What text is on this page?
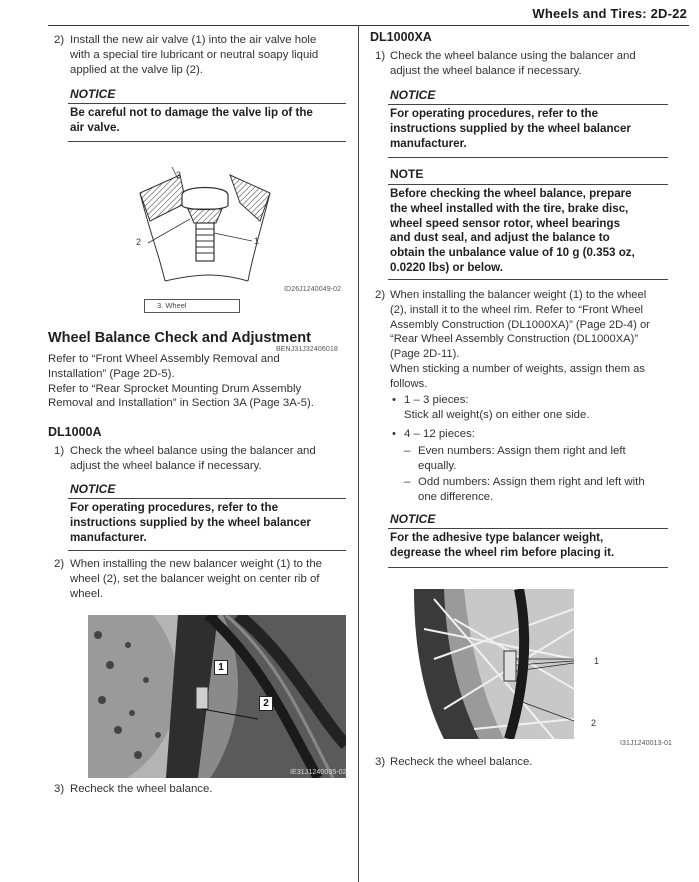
Wheels and Tires: 2D-22
2) Install the new air valve (1) into the air valve hole
with a special tire lubricant or neutral soapy liquid
applied at the valve lip (2).
NOTICE
Be careful not to damage the valve lip of the
air valve.
3
2	1
ID26J1240049-02
3. Wheel
Wheel Balance Check and Adjustment
BENJ31J32406018
Refer to “Front Wheel Assembly Removal and
Installation” (Page 2D-5).
Refer to “Rear Sprocket Mounting Drum Assembly
Removal and Installation” in Section 3A (Page 3A-5).
DL1000A
1) Check the wheel balance using the balancer and
adjust the wheel balance if necessary.
NOTICE
For operating procedures, refer to the
instructions supplied by the wheel balancer
manufacturer.
2) When installing the new balancer weight (1) to the
wheel (2), set the balancer weight on center rib of
wheel.
1
2
IE31J1240035-02
3) Recheck the wheel balance.
DL1000XA
1) Check the wheel balance using the balancer and
adjust the wheel balance if necessary.
NOTICE
For operating procedures, refer to the
instructions supplied by the wheel balancer
manufacturer.
NOTE
Before checking the wheel balance, prepare
the wheel installed with the tire, brake disc,
wheel speed sensor rotor, wheel bearings
and dust seal, and adjust the balance to
obtain the unbalance value of 10 g (0.353 oz,
0.0220 lbs) or below.
2) When installing the balancer weight (1) to the wheel
(2), install it to the wheel rim. Refer to “Front Wheel
Assembly Construction (DL1000XA)” (Page 2D-4) or
“Rear Wheel Assembly Construction (DL1000XA)”
(Page 2D-11).
When sticking a number of weights, assign them as
follows.
• 1 – 3 pieces:
Stick all weight(s) on either one side.
• 4 – 12 pieces:
– Even numbers: Assign them right and left
equally.
– Odd numbers: Assign them right and left with
one difference.
NOTICE
For the adhesive type balancer weight,
degrease the wheel rim before placing it.
1
2
I31J1240013-01
3) Recheck the wheel balance.
